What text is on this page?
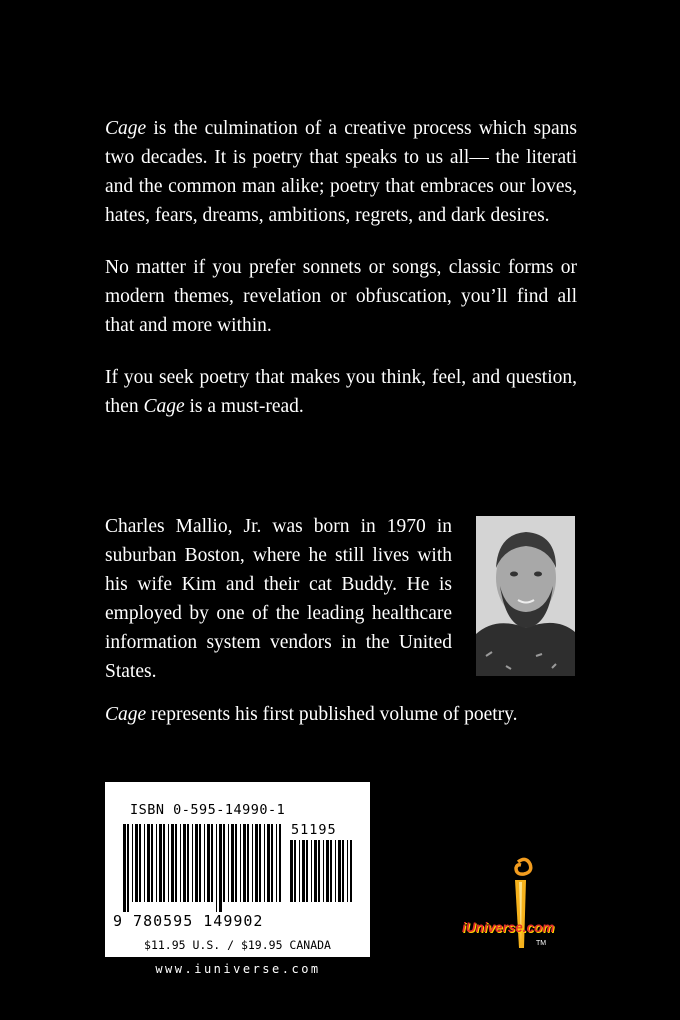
Cage is the culmination of a creative process which spans two decades. It is poetry that speaks to us all— the literati and the common man alike; poetry that embraces our loves, hates, fears, dreams, ambitions, regrets, and dark desires.

No matter if you prefer sonnets or songs, classic forms or modern themes, revelation or obfuscation, you’ll find all that and more within.

If you seek poetry that makes you think, feel, and question, then Cage is a must-read.

Charles Mallio, Jr. was born in 1970 in suburban Boston, where he still lives with his wife Kim and their cat Buddy. He is employed by one of the leading healthcare information system vendors in the United States.
Cage represents his first published volume of poetry.
ISBN 0-595-14990-1
51195
9 780595 149902
$11.95 U.S. / $19.95 CANADA
www.iuniverse.com
iUniverse.com
TM
